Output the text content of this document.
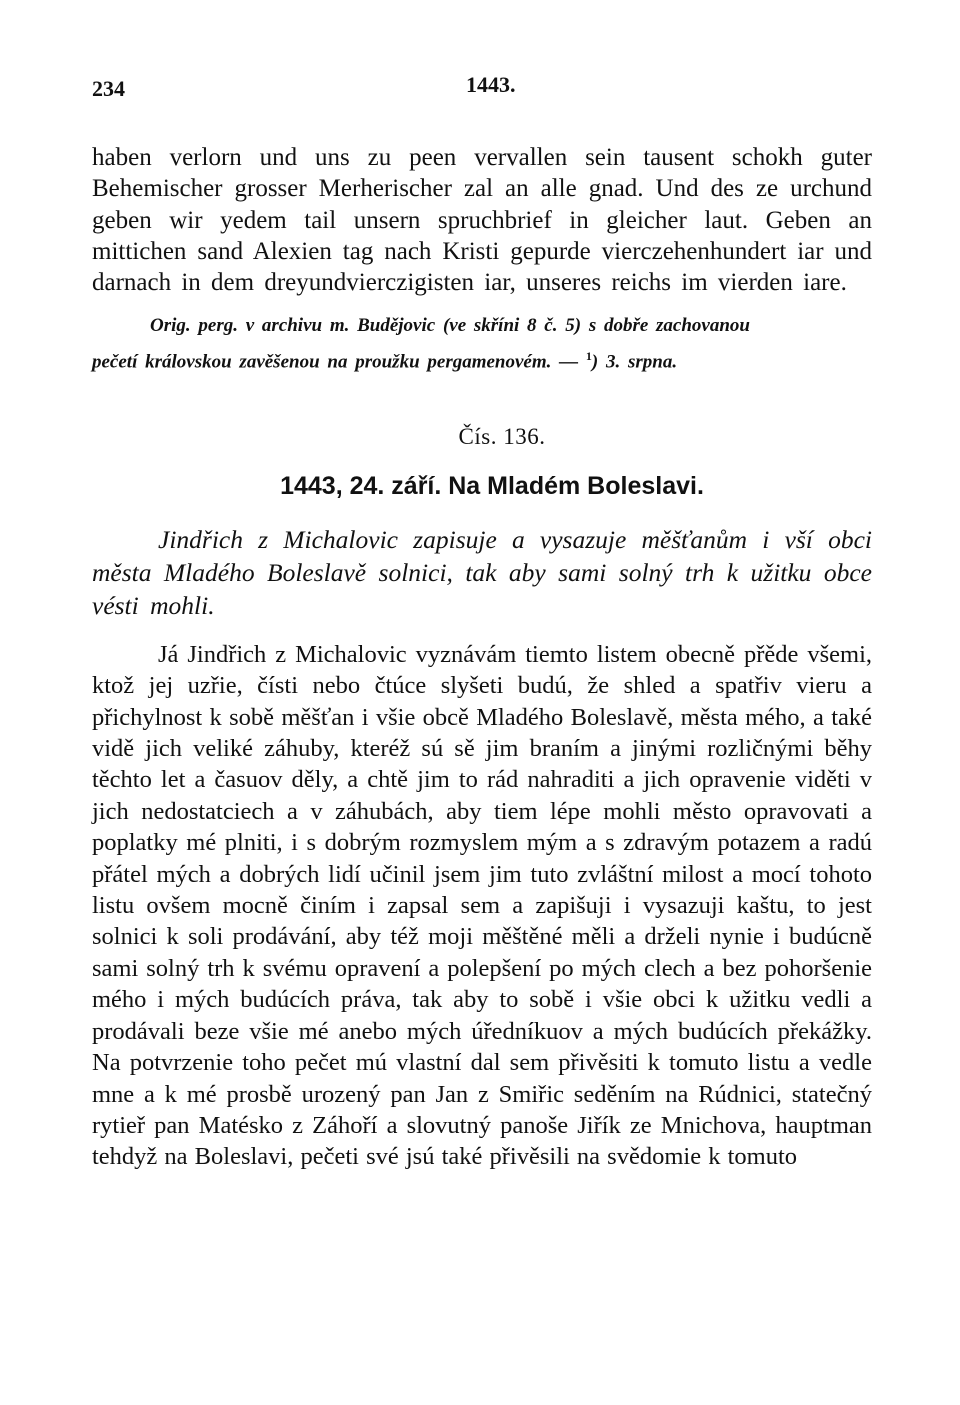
234	1443.

haben verlorn und uns zu peen vervallen sein tausent schokh guter Behemischer grosser Merherischer zal an alle gnad. Und des ze urchund geben wir yedem tail unsern spruchbrief in gleicher laut. Geben an mittichen sand Alexien tag nach Kristi gepurde vierczehenhundert iar und darnach in dem dreyundvierczigisten iar, unseres reichs im vierden iare.

Orig. perg. v archivu m. Budějovic (ve skříni 8 č. 5) s dobře zachovanou
pečetí královskou zavěšenou na proužku pergamenovém. — $^1$) 3. srpna.
Čís. 136.
1443, 24. září. Na Mladém Boleslavi.

Jindřich z Michalovic zapisuje a vysazuje měšťanům i vší obci města Mladého Boleslavě solnici, tak aby sami solný trh k užitku obce vésti mohli.

Já Jindřich z Michalovic vyznávám tiemto listem obecně přěde všemi, ktož jej uzřie, čísti nebo čtúce slyšeti budú, že shled a spatřiv vieru a přichylnost k sobě měšťan i všie obcě Mladého Boleslavě, města mého, a také vidě jich veliké záhuby, kteréž sú sě jim braním a jinými rozličnými běhy těchto let a časuov děly, a chtě jim to rád nahraditi a jich opravenie viděti v jich nedostatciech a v záhubách, aby tiem lépe mohli město opravovati a poplatky mé plniti, i s dobrým rozmyslem mým a s zdravým potazem a radú přátel mých a dobrých lidí učinil jsem jim tuto zvláštní milost a mocí tohoto listu ovšem mocně činím i zapsal sem a zapišuji i vysazuji kaštu, to jest solnici k soli prodávání, aby též moji měštěné měli a drželi nynie i budúcně sami solný trh k svému opravení a polepšení po mých clech a bez pohoršenie mého i mých budúcích práva, tak aby to sobě i všie obci k užitku vedli a prodávali beze všie mé anebo mých úředníkuov a mých budúcích překážky. Na potvrzenie toho pečet mú vlastní dal sem přivěsiti k tomuto listu a vedle mne a k mé prosbě urozený pan Jan z Smiřic seděním na Rúdnici, statečný rytieř pan Matésko z Záhoří a slovutný panoše Jiřík ze Mnichova, hauptman tehdyž na Boleslavi, pečeti své jsú také přivěsili na svědomie k tomuto
